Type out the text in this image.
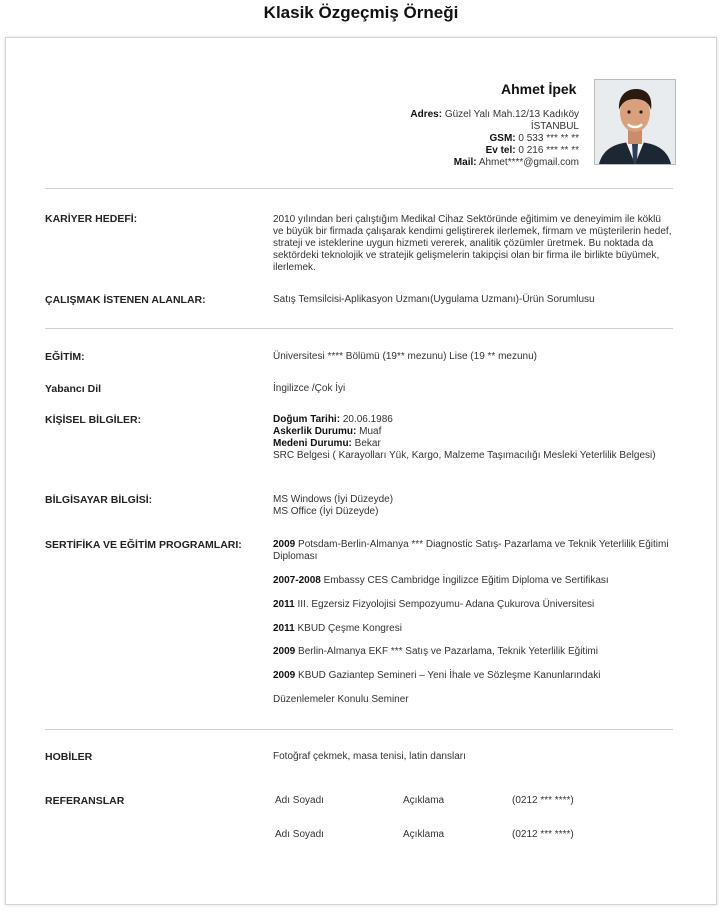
Klasik Özgeçmiş Örneği
Ahmet İpek
Adres: Güzel Yalı Mah.12/13 Kadıköy
İSTANBUL
GSM: 0 533 *** ** **
Ev tel: 0 216 *** ** **
Mail: Ahmet****@gmail.com
KARİYER HEDEFİ:	2010 yılından beri çalıştığım Medikal Cihaz Sektöründe eğitimim ve deneyimim ile köklü ve büyük bir firmada çalışarak kendimi geliştirerek ilerlemek, firmam ve müşterilerin hedef, strateji ve isteklerine uygun hizmeti vererek, analitik çözümler üretmek. Bu noktada da sektördeki teknolojik ve stratejik gelişmelerin takipçisi olan bir firma ile birlikte büyümek, ilerlemek.
ÇALIŞMAK İSTENEN ALANLAR:	Satış Temsilcisi-Aplikasyon Uzmanı(Uygulama Uzmanı)-Ürün Sorumlusu
EĞİTİM:	Üniversitesi **** Bölümü (19** mezunu) Lise (19 ** mezunu)
Yabancı Dil	İngilizce /Çok İyi
KİŞİSEL BİLGİLER:	Doğum Tarihi: 20.06.1986
Askerlik Durumu: Muaf
Medeni Durumu: Bekar
SRC Belgesi ( Karayolları Yük, Kargo, Malzeme Taşımacılığı Mesleki Yeterlilik Belgesi)
BİLGİSAYAR BİLGİSİ:	MS Windows (İyi Düzeyde)
MS Office (İyi Düzeyde)
SERTİFİKA VE EĞİTİM PROGRAMLARI:	2009 Potsdam-Berlin-Almanya *** Diagnostic Satış- Pazarlama ve Teknik Yeterlilik Eğitimi Diploması
2007-2008 Embassy CES Cambridge İngilizce Eğitim Diploma ve Sertifikası
2011 III. Egzersiz Fizyolojisi Sempozyumu- Adana Çukurova Üniversitesi
2011 KBUD Çeşme Kongresi
2009 Berlin-Almanya EKF *** Satış ve Pazarlama, Teknik Yeterlilik Eğitimi
2009 KBUD Gaziantep Semineri – Yeni İhale ve Sözleşme Kanunlarındaki
Düzenlemeler Konulu Seminer
HOBİLER	Fotoğraf çekmek, masa tenisi, latin dansları
REFERANSLAR	Adı Soyadı	Açıklama	(0212 *** ****)
Adı Soyadı	Açıklama	(0212 *** ****)
